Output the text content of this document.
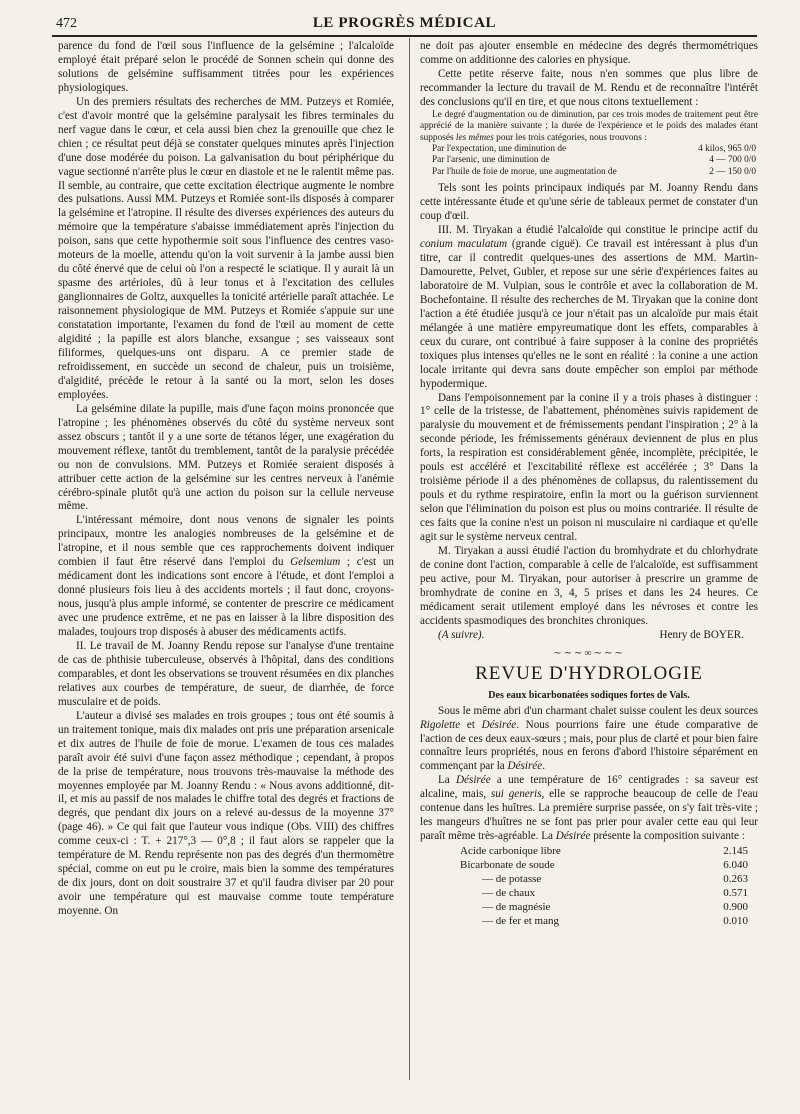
472	LE PROGRÈS MÉDICAL

parence du fond de l'œil sous l'influence de la gelsémine ; l'alcaloïde employé était préparé selon le procédé de Sonnen schein qui donne des solutions de gelsémine suffisamment titrées pour les expériences physiologiques.

Un des premiers résultats des recherches de MM. Putzeys et Romiée, c'est d'avoir montré que la gelsémine paralysait les fibres terminales du nerf vague dans le cœur, et cela aussi bien chez la grenouille que chez le chien ; ce résultat peut déjà se constater quelques minutes après l'injection d'une dose modérée du poison. La galvanisation du bout périphérique du vague sectionné n'arrête plus le cœur en diastole et ne le ralentit même pas. Il semble, au contraire, que cette excitation électrique augmente le nombre des pulsations. Aussi MM. Putzeys et Romiée sont-ils disposés à comparer la gelsémine et l'atropine. Il résulte des diverses expériences des auteurs du mémoire que la température s'abaisse immédiatement après l'injection du poison, sans que cette hypothermie soit sous l'influence des centres vaso-moteurs de la moelle, attendu qu'on la voit survenir à la jambe aussi bien du côté énervé que de celui où l'on a respecté le sciatique. Il y aurait là un spasme des artérioles, dû à leur tonus et à l'excitation des cellules ganglionnaires de Goltz, auxquelles la tonicité artérielle paraît attachée. Le raisonnement physiologique de MM. Putzeys et Romiée s'appuie sur une constatation importante, l'examen du fond de l'œil au moment de cette algidité ; la papille est alors blanche, exsangue ; ses vaisseaux sont filiformes, quelques-uns ont disparu. A ce premier stade de refroidissement, en succède un second de chaleur, puis un troisième, d'algidité, précède le retour à la santé ou la mort, selon les doses employées.

La gelsémine dilate la pupille, mais d'une façon moins prononcée que l'atropine ; les phénomènes observés du côté du système nerveux sont assez obscurs ; tantôt il y a une sorte de tétanos léger, une exagération du mouvement réflexe, tantôt du tremblement, tantôt de la paralysie précédée ou non de convulsions. MM. Putzeys et Romiée seraient disposés à attribuer cette action de la gelsémine sur les centres nerveux à l'anémie cérébro-spinale plutôt qu'à une action du poison sur la cellule nerveuse même.

L'intéressant mémoire, dont nous venons de signaler les points principaux, montre les analogies nombreuses de la gelsémine et de l'atropine, et il nous semble que ces rapprochements doivent indiquer combien il faut être réservé dans l'emploi du Gelsemium ; c'est un médicament dont les indications sont encore à l'étude, et dont l'emploi a donné plusieurs fois lieu à des accidents mortels ; il faut donc, croyons-nous, jusqu'à plus ample informé, se contenter de prescrire ce médicament avec une prudence extrême, et ne pas en laisser à la libre disposition des malades, toujours trop disposés à abuser des médicaments actifs.

II. Le travail de M. Joanny Rendu repose sur l'analyse d'une trentaine de cas de phthisie tuberculeuse, observés à l'hôpital, dans des conditions comparables, et dont les observations se trouvent résumées en dix planches relatives aux courbes de température, de sueur, de diarrhée, de force musculaire et de poids.

L'auteur a divisé ses malades en trois groupes ; tous ont été soumis à un traitement tonique, mais dix malades ont pris une préparation arsenicale et dix autres de l'huile de foie de morue. L'examen de tous ces malades paraît avoir été suivi d'une façon assez méthodique ; cependant, à propos de la prise de température, nous trouvons très-mauvaise la méthode des moyennes employée par M. Joanny Rendu : « Nous avons additionné, dit-il, et mis au passif de nos malades le chiffre total des degrés et fractions de degrés, que pendant dix jours on a relevé au-dessus de la moyenne 37° (page 46). » Ce qui fait que l'auteur vous indique (Obs. VIII) des chiffres comme ceux-ci : T. + 217°,3 — 0°,8 ; il faut alors se rappeler que la température de M. Rendu représente non pas des degrés d'un thermomètre spécial, comme on eut pu le croire, mais bien la somme des températures de dix jours, dont on doit soustraire 37 et qu'il faudra diviser par 20 pour avoir une température qui est mauvaise comme toute température moyenne. On

ne doit pas ajouter ensemble en médecine des degrés thermométriques comme on additionne des calories en physique.

Cette petite réserve faite, nous n'en sommes que plus libre de recommander la lecture du travail de M. Rendu et de reconnaître l'intérêt des conclusions qu'il en tire, et que nous citons textuellement :

Le degré d'augmentation ou de diminution, par ces trois modes de traitement peut être apprécié de la manière suivante ; la durée de l'expérience et le poids des malades étant supposés les mêmes pour les trois catégories, nous trouvons :

Par l'expectation, une diminution de	4 kilos, 965 0/0
Par l'arsenic, une diminution de	4 — 700 0/0
Par l'huile de foie de morue, une augmentation de	2 — 150 0/0

Tels sont les points principaux indiqués par M. Joanny Rendu dans cette intéressante étude et qu'une série de tableaux permet de constater d'un coup d'œil.

III. M. Tiryakan a étudié l'alcaloïde qui constitue le principe actif du conium maculatum (grande ciguë). Ce travail est intéressant à plus d'un titre, car il contredit quelques-unes des assertions de MM. Martin-Damourette, Pelvet, Gubler, et repose sur une série d'expériences faites au laboratoire de M. Vulpian, sous le contrôle et avec la collaboration de M. Bochefontaine. Il résulte des recherches de M. Tiryakan que la conine dont l'action a été étudiée jusqu'à ce jour n'était pas un alcaloïde pur mais était mélangée à une matière empyreumatique dont les effets, comparables à ceux du curare, ont contribué à faire supposer à la conine des propriétés toxiques plus intenses qu'elles ne le sont en réalité : la conine a une action locale irritante qui devra sans doute empêcher son emploi par méthode hypodermique.

Dans l'empoisonnement par la conine il y a trois phases à distinguer : 1° celle de la tristesse, de l'abattement, phénomènes suivis rapidement de paralysie du mouvement et de frémissements pendant l'inspiration ; 2° à la seconde période, les frémissements généraux deviennent de plus en plus forts, la respiration est considérablement gênée, incomplète, précipitée, le pouls est accéléré et l'excitabilité réflexe est accélérée ; 3° Dans la troisième période il a des phénomènes de collapsus, du ralentissement du pouls et du rythme respiratoire, enfin la mort ou la guérison surviennent selon que l'élimination du poison est plus ou moins contrariée. Il résulte de ces faits que la conine n'est un poison ni musculaire ni cardiaque et qu'elle agit sur le système nerveux central.

M. Tiryakan a aussi étudié l'action du bromhydrate et du chlorhydrate de conine dont l'action, comparable à celle de l'alcaloïde, est suffisamment peu active, pour M. Tiryakan, pour autoriser à prescrire un gramme de bromhydrate de conine en 3, 4, 5 prises et dans les 24 heures. Ce médicament serait utilement employé dans les névroses et contre les accidents spasmodiques des bronchites chroniques.

(A suivre).	Henry de BOYER.
∼∼∼∞∼∼∼
REVUE D'HYDROLOGIE
Des eaux bicarbonatées sodiques fortes de Vals.

Sous le même abri d'un charmant chalet suisse coulent les deux sources Rigolette et Désirée. Nous pourrions faire une étude comparative de l'action de ces deux eaux-sœurs ; mais, pour plus de clarté et pour bien faire connaître leurs propriétés, nous en ferons d'abord l'histoire séparément en commençant par la Désirée.

La Désirée a une température de 16° centigrades : sa saveur est alcaline, mais, sui generis, elle se rapproche beaucoup de celle de l'eau contenue dans les huîtres. La première surprise passée, on s'y fait très-vite ; les mangeurs d'huîtres ne se font pas prier pour avaler cette eau qui leur paraît même très-agréable. La Désirée présente la composition suivante :

Acide carbonique libre	2.145
Bicarbonate de soude	6.040
— de potasse	0.263
— de chaux	0.571
— de magnésie	0.900
— de fer et mang	0.010
